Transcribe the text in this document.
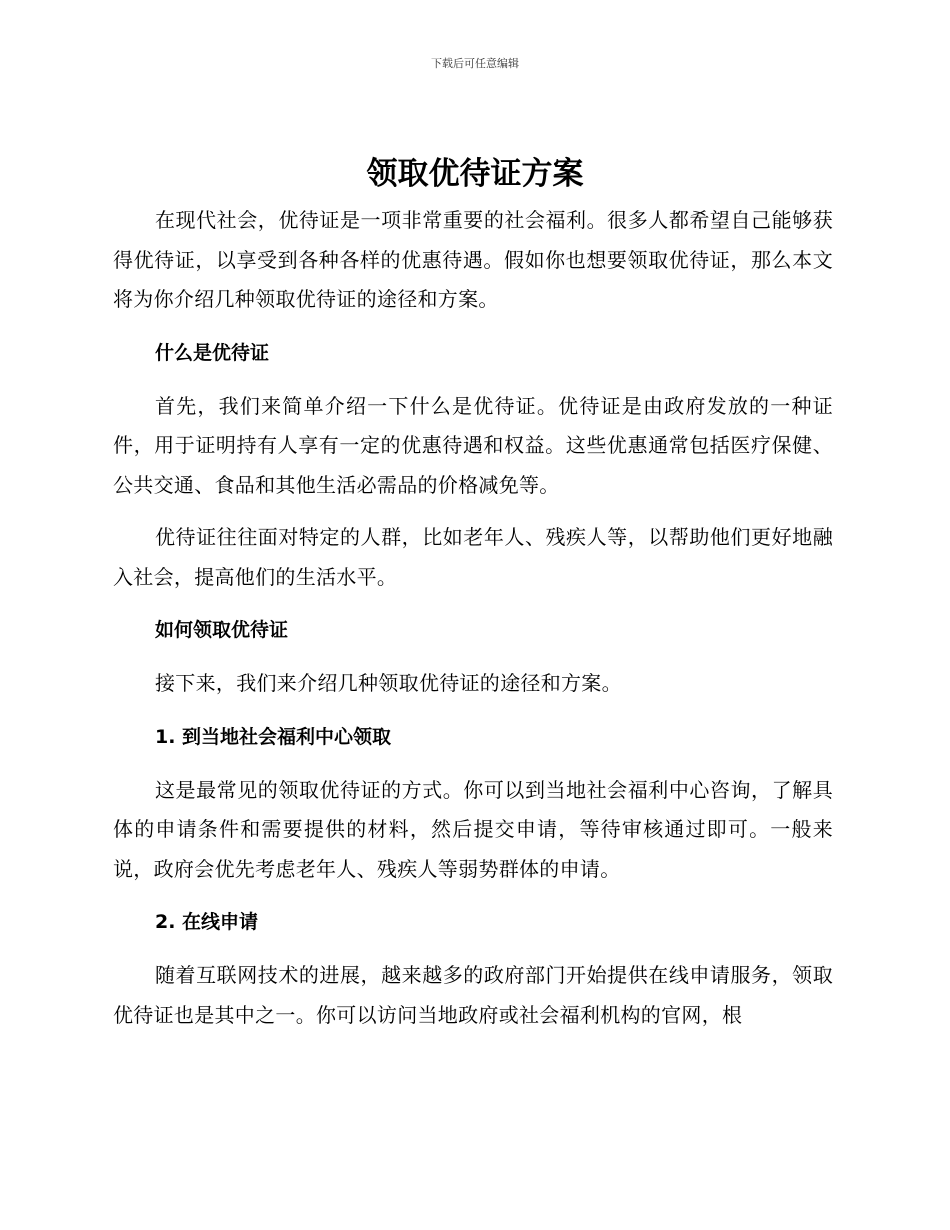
下载后可任意编辑
领取优待证方案

在现代社会，优待证是一项非常重要的社会福利。很多人都希望自己能够获得优待证，以享受到各种各样的优惠待遇。假如你也想要领取优待证，那么本文将为你介绍几种领取优待证的途径和方案。

什么是优待证

首先，我们来简单介绍一下什么是优待证。优待证是由政府发放的一种证件，用于证明持有人享有一定的优惠待遇和权益。这些优惠通常包括医疗保健、公共交通、食品和其他生活必需品的价格减免等。

优待证往往面对特定的人群，比如老年人、残疾人等，以帮助他们更好地融入社会，提高他们的生活水平。

如何领取优待证

接下来，我们来介绍几种领取优待证的途径和方案。

1. 到当地社会福利中心领取

这是最常见的领取优待证的方式。你可以到当地社会福利中心咨询，了解具体的申请条件和需要提供的材料，然后提交申请，等待审核通过即可。一般来说，政府会优先考虑老年人、残疾人等弱势群体的申请。

2. 在线申请

随着互联网技术的进展，越来越多的政府部门开始提供在线申请服务，领取优待证也是其中之一。你可以访问当地政府或社会福利机构的官网，根
